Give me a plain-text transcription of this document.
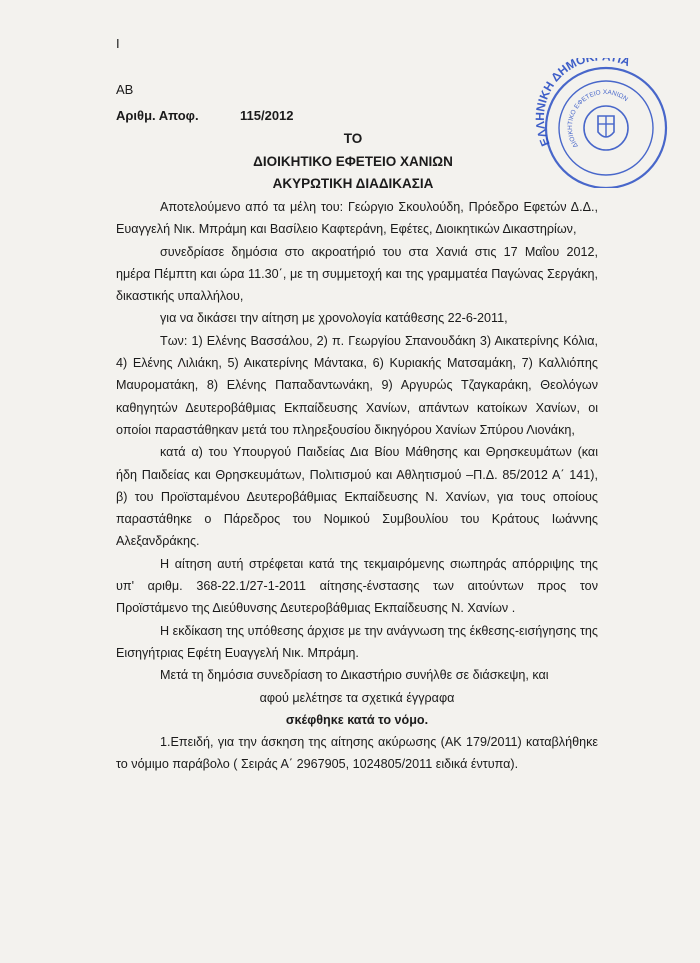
I
ΑΒ
Αριθμ. Αποφ.	115/2012
ΤΟ
ΔΙΟΙΚΗΤΙΚΟ ΕΦΕΤΕΙΟ ΧΑΝΙΩΝ
ΑΚΥΡΩΤΙΚΗ ΔΙΑΔΙΚΑΣΙΑ

Αποτελούμενο από τα μέλη του: Γεώργιο Σκουλούδη, Πρόεδρο Εφετών Δ.Δ., Ευαγγελή Νικ. Μπράμη και Βασίλειο Καφτεράνη, Εφέτες, Διοικητικών Δικαστηρίων,

συνεδρίασε δημόσια στο ακροατήριό του στα Χανιά στις 17 Μαΐου 2012, ημέρα Πέμπτη και ώρα 11.30΄, με τη συμμετοχή και της γραμματέα Παγώνας Σεργάκη, δικαστικής υπαλλήλου,

για να δικάσει την αίτηση με χρονολογία κατάθεσης 22-6-2011,

Των: 1) Ελένης Βασσάλου, 2) π. Γεωργίου Σπανουδάκη 3) Αικατερίνης Κόλια, 4) Ελένης Λιλιάκη, 5) Αικατερίνης Μάντακα, 6) Κυριακής Ματσαμάκη, 7) Καλλιόπης Μαυροματάκη, 8) Ελένης Παπαδαντωνάκη, 9) Αργυρώς Τζαγκαράκη, Θεολόγων καθηγητών Δευτεροβάθμιας Εκπαίδευσης Χανίων, απάντων κατοίκων Χανίων, οι οποίοι παραστάθηκαν μετά του πληρεξουσίου δικηγόρου Χανίων Σπύρου Λιονάκη,

κατά α) του Υπουργού Παιδείας Δια Βίου Μάθησης και Θρησκευμάτων (και ήδη Παιδείας και Θρησκευμάτων, Πολιτισμού και Αθλητισμού –Π.Δ. 85/2012 Α΄ 141), β) του Προϊσταμένου Δευτεροβάθμιας Εκπαίδευσης Ν. Χανίων, για τους οποίους παραστάθηκε ο Πάρεδρος του Νομικού Συμβουλίου του Κράτους Ιωάννης Αλεξανδράκης.

Η αίτηση αυτή στρέφεται κατά της τεκμαιρόμενης σιωπηράς απόρριψης της υπ' αριθμ. 368-22.1/27-1-2011 αίτησης-ένστασης των αιτούντων προς τον Προϊστάμενο της Διεύθυνσης Δευτεροβάθμιας Εκπαίδευσης Ν. Χανίων .

Η εκδίκαση της υπόθεσης άρχισε με την ανάγνωση της έκθεσης-εισήγησης της Εισηγήτριας Εφέτη Ευαγγελή Νικ. Μπράμη.

Μετά τη δημόσια συνεδρίαση το Δικαστήριο συνήλθε σε διάσκεψη, και

αφού μελέτησε τα σχετικά έγγραφα

σκέφθηκε κατά το νόμο.

1.Επειδή, για την άσκηση της αίτησης ακύρωσης (ΑΚ 179/2011) καταβλήθηκε το νόμιμο παράβολο ( Σειράς Α΄ 2967905, 1024805/2011 ειδικά έντυπα).

ΕΛΛΗΝΙΚΗ ΔΗΜΟ ΙΑ
ΔΙΟΙΚΗΤΙΚΟ ΕΦΕΤΕΙΟ ΧΑΝΙΩΝ
